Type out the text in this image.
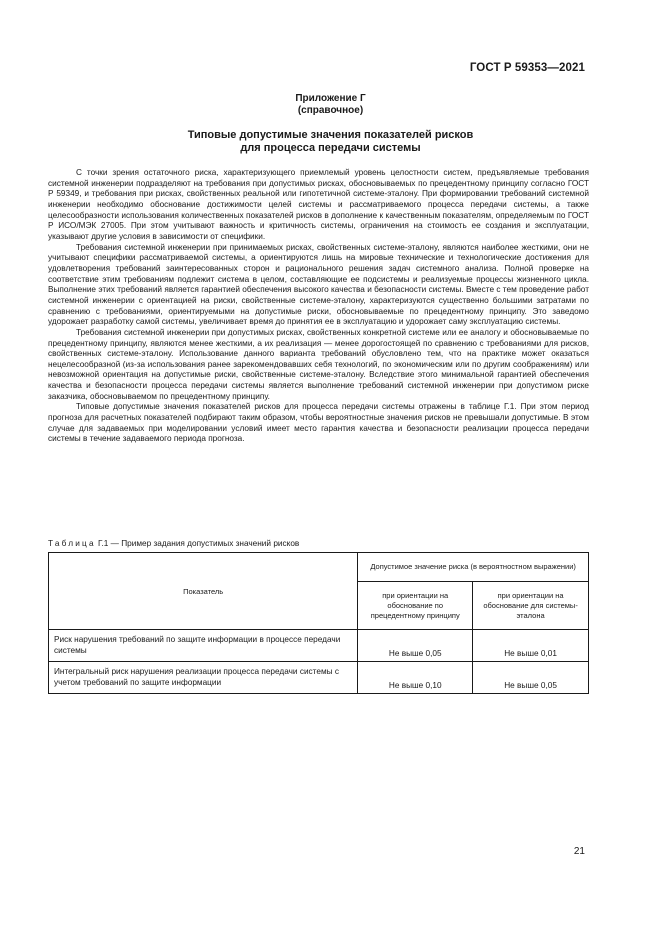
ГОСТ Р 59353—2021
Приложение Г
(справочное)
Типовые допустимые значения показателей рисков
для процесса передачи системы

С точки зрения остаточного риска, характеризующего приемлемый уровень целостности систем, предъявляемые требования системной инженерии подразделяют на требования при допустимых рисках, обосновываемых по прецедентному принципу согласно ГОСТ Р 59349, и требования при рисках, свойственных реальной или гипотетичной системе-эталону. При формировании требований системной инженерии необходимо обоснование достижимости целей системы и рассматриваемого процесса передачи системы, а также целесообразности использования количественных показателей рисков в дополнение к качественным показателям, определяемым по ГОСТ Р ИСО/МЭК 27005. При этом учитывают важность и критичность системы, ограничения на стоимость ее создания и эксплуатации, указывают другие условия в зависимости от специфики.

Требования системной инженерии при принимаемых рисках, свойственных системе-эталону, являются наиболее жесткими, они не учитывают специфики рассматриваемой системы, а ориентируются лишь на мировые технические и технологические достижения для удовлетворения требований заинтересованных сторон и рационального решения задач системного анализа. Полной проверке на соответствие этим требованиям подлежит система в целом, составляющие ее подсистемы и реализуемые процессы жизненного цикла. Выполнение этих требований является гарантией обеспечения высокого качества и безопасности системы. Вместе с тем проведение работ системной инженерии с ориентацией на риски, свойственные системе-эталону, характеризуются существенно большими затратами по сравнению с требованиями, ориентируемыми на допустимые риски, обосновываемые по прецедентному принципу. Это заведомо удорожает разработку самой системы, увеличивает время до принятия ее в эксплуатацию и удорожает саму эксплуатацию системы.

Требования системной инженерии при допустимых рисках, свойственных конкретной системе или ее аналогу и обосновываемые по прецедентному принципу, являются менее жесткими, а их реализация — менее дорогостоящей по сравнению с требованиями для рисков, свойственных системе-эталону. Использование данного варианта требований обусловлено тем, что на практике может оказаться нецелесообразной (из-за использования ранее зарекомендовавших себя технологий, по экономическим или по другим соображениям) или невозможной ориентация на допустимые риски, свойственные системе-эталону. Вследствие этого минимальной гарантией обеспечения качества и безопасности процесса передачи системы является выполнение требований системной инженерии при допустимом риске заказчика, обосновываемом по прецедентному принципу.

Типовые допустимые значения показателей рисков для процесса передачи системы отражены в таблице Г.1. При этом период прогноза для расчетных показателей подбирают таким образом, чтобы вероятностные значения рисков не превышали допустимые. В этом случае для задаваемых при моделировании условий имеет место гарантия качества и безопасности реализации процесса передачи системы в течение задаваемого периода прогноза.

Таблица Г.1 — Пример задания допустимых значений рисков
Показатель	Допустимое значение риска (в вероятностном выражении)	
	при ориентации на обоснование по прецедентному принципу	при ориентации на обоснование для системы-эталона
Риск нарушения требований по защите информации в процессе передачи системы	Не выше 0,05	Не выше 0,01
Интегральный риск нарушения реализации процесса передачи системы с учетом требований по защите информации	Не выше 0,10	Не выше 0,05
21
